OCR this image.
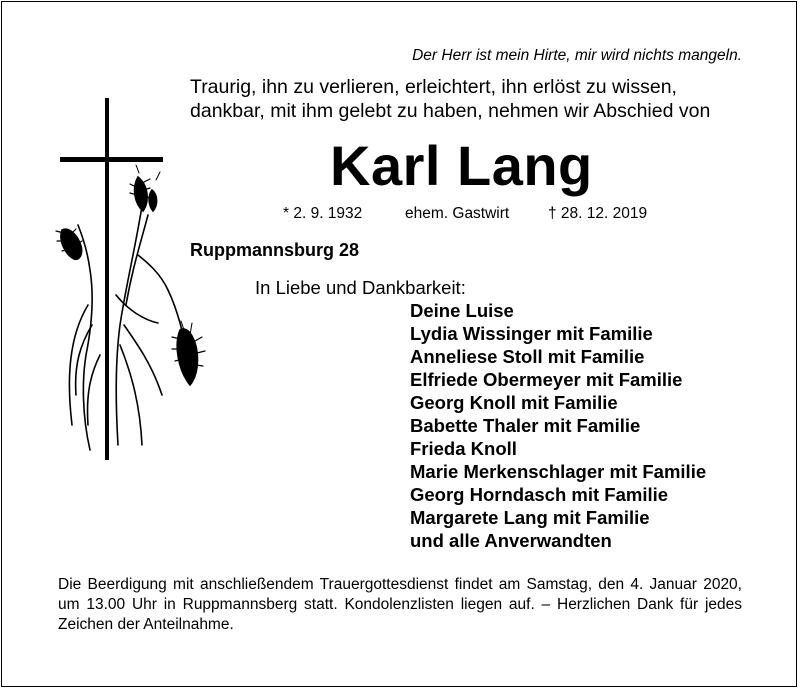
Der Herr ist mein Hirte, mir wird nichts mangeln.
Traurig, ihn zu verlieren, erleichtert, ihn erlöst zu wissen,
dankbar, mit ihm gelebt zu haben, nehmen wir Abschied von
Karl Lang
* 2. 9. 1932	ehem. Gastwirt	† 28. 12. 2019
Ruppmannsburg 28
In Liebe und Dankbarkeit:
Deine Luise
Lydia Wissinger mit Familie
Anneliese Stoll mit Familie
Elfriede Obermeyer mit Familie
Georg Knoll mit Familie
Babette Thaler mit Familie
Frieda Knoll
Marie Merkenschlager mit Familie
Georg Horndasch mit Familie
Margarete Lang mit Familie
und alle Anverwandten
Die Beerdigung mit anschließendem Trauergottesdienst findet am Samstag, den 4. Januar 2020, um 13.00 Uhr in Ruppmannsberg statt. Kondolenzlisten liegen auf. – Herzlichen Dank für jedes Zeichen der Anteilnahme.
